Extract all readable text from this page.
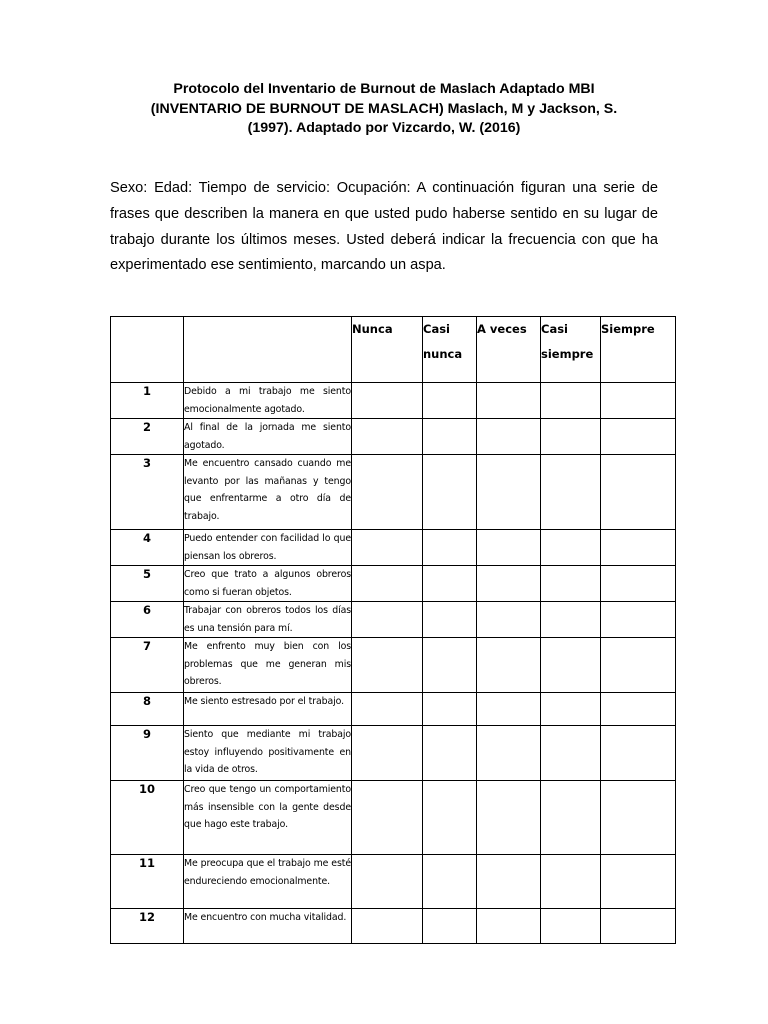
Protocolo del Inventario de Burnout de Maslach Adaptado MBI
(INVENTARIO DE BURNOUT DE MASLACH) Maslach, M y Jackson, S.
(1997). Adaptado por Vizcardo, W. (2016)
Sexo: Edad: Tiempo de servicio: Ocupación: A continuación figuran una serie de frases que describen la manera en que usted pudo haberse sentido en su lugar de trabajo durante los últimos meses. Usted deberá indicar la frecuencia con que ha experimentado ese sentimiento, marcando un aspa.
		Nunca	Casi nunca	A veces	Casi siempre	Siempre
1	Debido a mi trabajo me siento emocionalmente agotado.					
2	Al final de la jornada me siento agotado.					
3	Me encuentro cansado cuando me levanto por las mañanas y tengo que enfrentarme a otro día de trabajo.					
4	Puedo entender con facilidad lo que piensan los obreros.					
5	Creo que trato a algunos obreros como si fueran objetos.					
6	Trabajar con obreros todos los días es una tensión para mí.					
7	Me enfrento muy bien con los problemas que me generan mis obreros.					
8	Me siento estresado por el trabajo.					
9	Siento que mediante mi trabajo estoy influyendo positivamente en la vida de otros.					
10	Creo que tengo un comportamiento más insensible con la gente desde que hago este trabajo.					
11	Me preocupa que el trabajo me esté endureciendo emocionalmente.					
12	Me encuentro con mucha vitalidad.					
